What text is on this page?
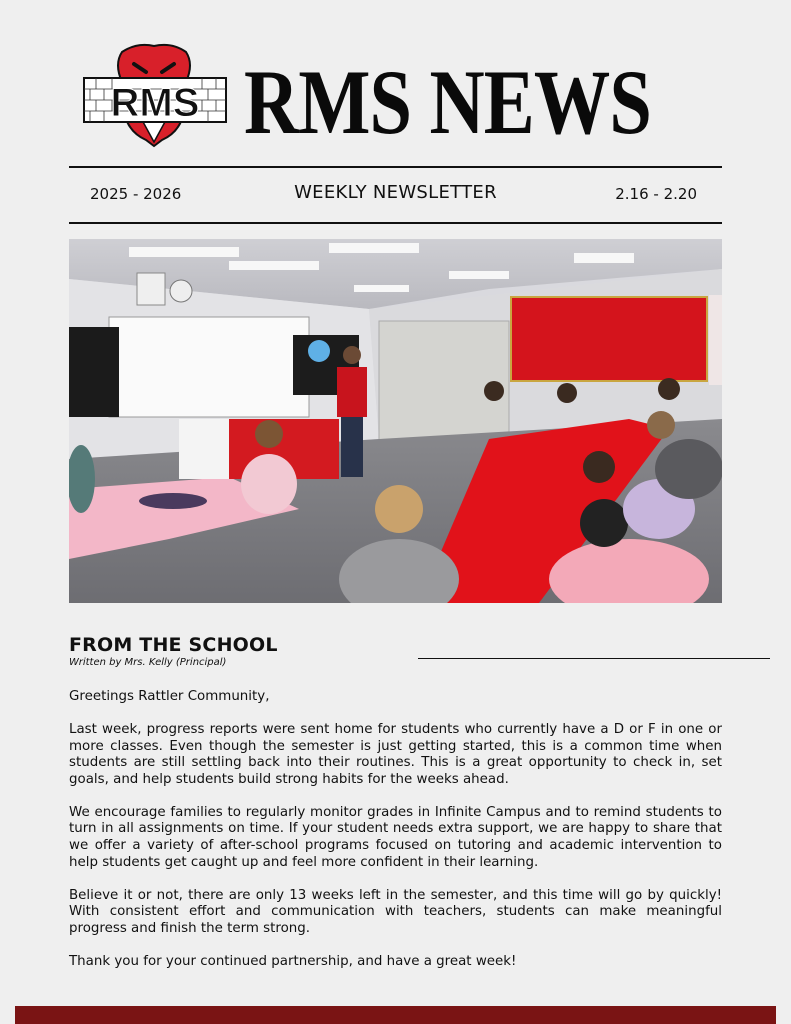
RMS RMS NEWS
2025 - 2026	WEEKLY NEWSLETTER	2.16 - 2.20
FROM THE SCHOOL
Written by Mrs. Kelly (Principal)

Greetings Rattler Community,

Last week, progress reports were sent home for students who currently have a D or F in one or more classes. Even though the semester is just getting started, this is a common time when students are still settling back into their routines. This is a great opportunity to check in, set goals, and help students build strong habits for the weeks ahead.

We encourage families to regularly monitor grades in Infinite Campus and to remind students to turn in all assignments on time. If your student needs extra support, we are happy to share that we offer a variety of after-school programs focused on tutoring and academic intervention to help students get caught up and feel more confident in their learning.

Believe it or not, there are only 13 weeks left in the semester, and this time will go by quickly! With consistent effort and communication with teachers, students can make meaningful progress and finish the term strong.

Thank you for your continued partnership, and have a great week!
